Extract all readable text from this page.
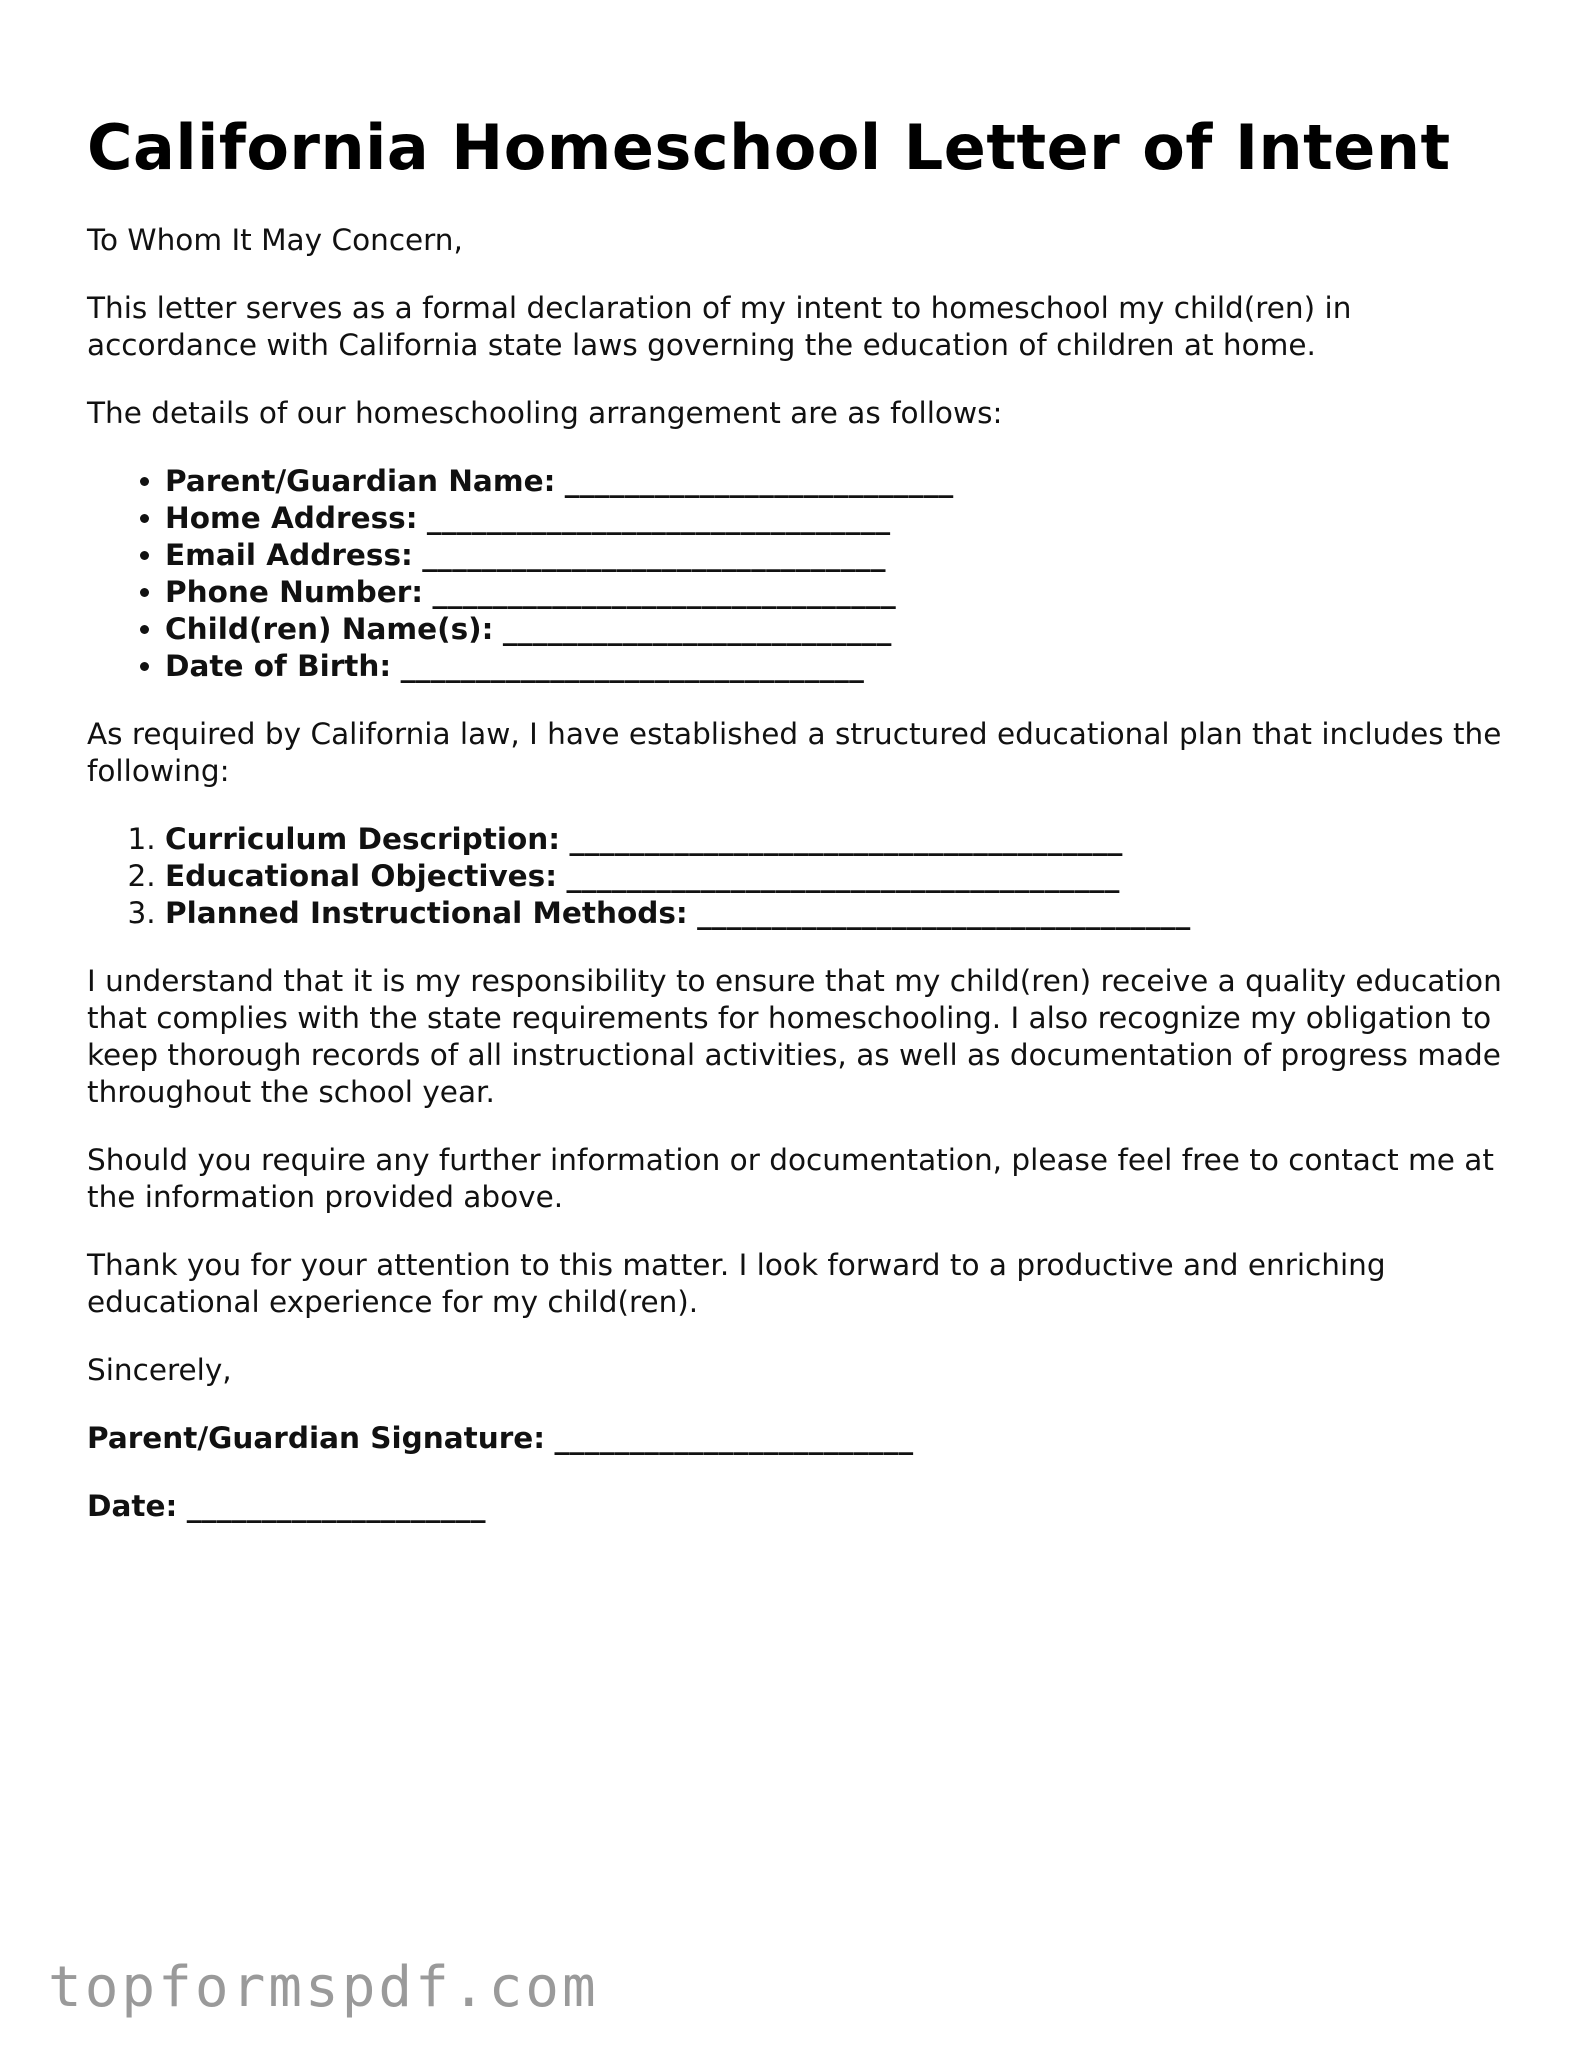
California Homeschool Letter of Intent

To Whom It May Concern,

This letter serves as a formal declaration of my intent to homeschool my child(ren) in accordance with California state laws governing the education of children at home.

The details of our homeschooling arrangement are as follows:

• Parent/Guardian Name: __________________________
• Home Address: _______________________________
• Email Address: _______________________________
• Phone Number: _______________________________
• Child(ren) Name(s): __________________________
• Date of Birth: _______________________________

As required by California law, I have established a structured educational plan that includes the following:

1. Curriculum Description: _____________________________________
2. Educational Objectives: _____________________________________
3. Planned Instructional Methods: _________________________________

I understand that it is my responsibility to ensure that my child(ren) receive a quality education that complies with the state requirements for homeschooling. I also recognize my obligation to keep thorough records of all instructional activities, as well as documentation of progress made throughout the school year.

Should you require any further information or documentation, please feel free to contact me at the information provided above.

Thank you for your attention to this matter. I look forward to a productive and enriching educational experience for my child(ren).

Sincerely,

Parent/Guardian Signature: ________________________
Date: ____________________
topformspdf.com
